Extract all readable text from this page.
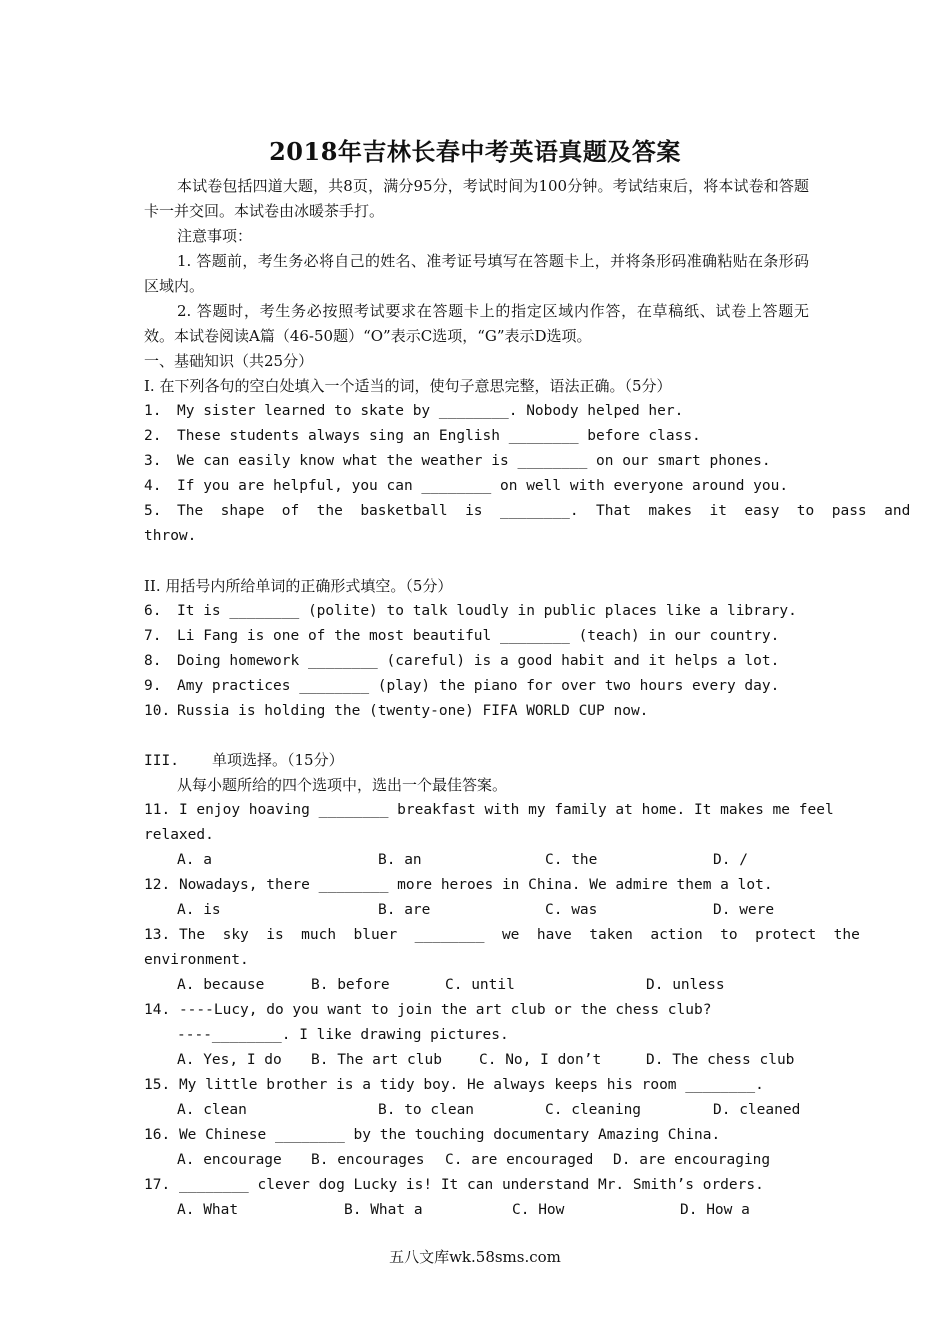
2018年吉林长春中考英语真题及答案
本试卷包括四道大题，共8页，满分95分，考试时间为100分钟。考试结束后，将本试卷和答题卡一并交回。本试卷由冰暖茶手打。
注意事项：
1. 答题前，考生务必将自己的姓名、准考证号填写在答题卡上，并将条形码准确粘贴在条形码区域内。
2. 答题时，考生务必按照考试要求在答题卡上的指定区域内作答，在草稿纸、试卷上答题无效。本试卷阅读A篇（46-50题）“O”表示C选项，“G”表示D选项。
一、基础知识（共25分）
I. 在下列各句的空白处填入一个适当的词，使句子意思完整，语法正确。（5分）
1. My sister learned to skate by ________. Nobody helped her.
2. These students always sing an English ________ before class.
3. We can easily know what the weather is ________ on our smart phones.
4. If you are helpful, you can ________ on well with everyone around you.
5. The  shape  of  the  basketball  is  ________.  That  makes  it  easy  to  pass  and
throw.
II. 用括号内所给单词的正确形式填空。（5分）
6. It is ________ (polite) to talk loudly in public places like a library.
7. Li Fang is one of the most beautiful ________ (teach) in our country.
8. Doing homework ________ (careful) is a good habit and it helps a lot.
9. Amy practices ________ (play) the piano for over two hours every day.
10. Russia is holding the (twenty-one) FIFA WORLD CUP now.
III. 单项选择。（15分）
从每小题所给的四个选项中，选出一个最佳答案。
11. I enjoy hoaving ________ breakfast with my family at home. It makes me feel
relaxed.
A. a	B. an	C. the	D. /
12. Nowadays, there ________ more heroes in China. We admire them a lot.
A. is	B. are	C. was	D. were
13. The  sky  is  much  bluer  ________  we  have  taken  action  to  protect  the
environment.
A. because	B. before	C. until	D. unless
14. ----Lucy, do you want to join the art club or the chess club?
----________. I like drawing pictures.
A. Yes, I do B. The art club	C. No, I don’t	D. The chess club
15. My little brother is a tidy boy. He always keeps his room ________.
A. clean	B. to clean	C. cleaning	D. cleaned
16. We Chinese ________ by the touching documentary Amazing China.
A. encourage B. encourages C. are encouraged D. are encouraging
17. ________ clever dog Lucky is! It can understand Mr. Smith’s orders.
A. What	B. What a	C. How	D. How a
五八文库wk.58sms.com
